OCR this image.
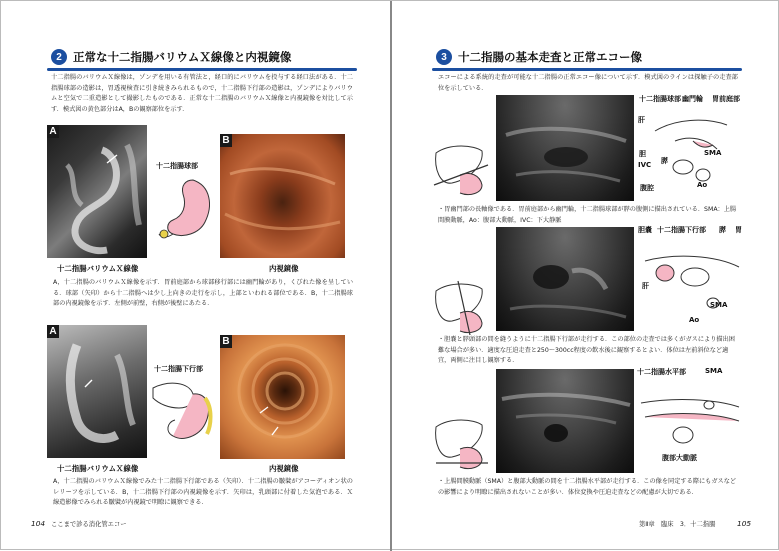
2 正常な十二指腸バリウムＸ線像と内視鏡像
十二指腸のバリウムＸ線像は，ゾンデを用いる有管法と，経口的にバリウムを投与する経口法がある．十二指腸球部の造影は，胃透視検査に引き続きみられるもので，十二指腸下行部の造影は，ゾンデによりバリウムと空気で二重造影として撮影したものである．正常な十二指腸のバリウムＸ線像と内視鏡像を対比して示す．模式図の黄色部分はA，Bの観察部位を示す．
A
十二指腸球部
B
十二指腸バリウムＸ線像	内視鏡像
A，十二指腸のバリウムＸ線像を示す．胃前庭部から球部移行部には幽門輪があり，くびれた像を呈している．球部（矢印）から十二指腸へは少し上向きの走行を示し，上部といわれる部位である．B，十二指腸球部の内視鏡像を示す．左側が前壁，右側が後壁にあたる．
A
十二指腸下行部
B
十二指腸バリウムＸ線像	内視鏡像
A，十二指腸のバリウムＸ線像でみた十二指腸下行部である（矢印）．十二指腸の皺襞がアコーディオン状のレリーフを示している．B，十二指腸下行部の内視鏡像を示す．矢印は，乳頭部に付着した気泡である．Ｘ線造影像でみられる皺襞が内視鏡で明瞭に観察できる．
104 ここまで診る消化管エコー
3 十二指腸の基本走査と正常エコー像
エコーによる系統的走査が可能な十二指腸の正常エコー像について示す．模式図のラインは探触子の走査部位を示している．
十二指腸球部 幽門輪 胃前庭部
肝
胆
IVC 膵
SMA
腹腔	Ao
・胃幽門部の長軸像である．胃前庭部から幽門輪，十二指腸球部が膵の腹側に描出されている．SMA：上腸間膜動脈，Ao：腹部大動脈，IVC：下大静脈
胆嚢 十二指腸下行部 膵 胃
肝
SMA
Ao
・胆嚢と膵頭部の間を縫うように十二指腸下行部が走行する．この部位の走査では多くがガスにより描出困難な場合が多い．適度な圧迫走査と250〜300cc程度の飲水後に観察するとよい．体位は左前斜位など適宜，両側に注目し観察する．
十二指腸水平部	SMA
腹部大動脈
・上腸間膜動脈（SMA）と腹部大動脈の間を十二指腸水平部が走行する．この像を同定する際にもガスなどの影響により明瞭に描出されないことが多い．体位変換や圧迫走査などの配慮が大切である．
第Ⅱ章　臨床　3．十二指腸	105
